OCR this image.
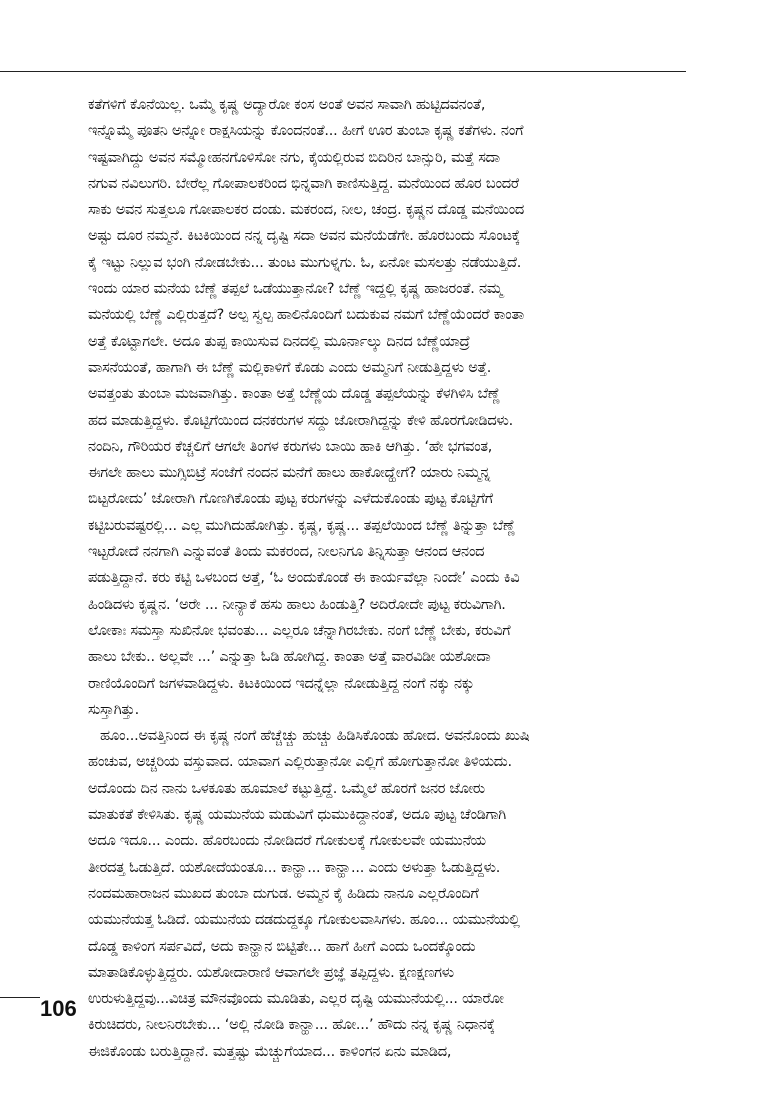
ಕತೆಗಳಿಗೆ ಕೊನೆಯಿಲ್ಲ. ಒಮ್ಮೆ ಕೃಷ್ಣ ಅದ್ಯಾರೋ ಕಂಸ ಅಂತೆ ಅವನ ಸಾವಾಗಿ ಹುಟ್ಟಿದವನಂತೆ,
ಇನ್ನೊಮ್ಮೆ ಪೂತನಿ ಅನ್ನೋ ರಾಕ್ಷಸಿಯನ್ನು ಕೊಂದನಂತೆ... ಹೀಗೆ ಊರ ತುಂಬಾ ಕೃಷ್ಣ ಕತೆಗಳು. ನಂಗೆ
ಇಷ್ಟವಾಗಿದ್ದು ಅವನ ಸಮ್ಮೋಹನಗೊಳಿಸೋ ನಗು, ಕೈಯಲ್ಲಿರುವ ಬಿದಿರಿನ ಬಾನ್ಸುರಿ, ಮತ್ತೆ ಸದಾ
ನಗುವ ನವಿಲುಗರಿ. ಬೇರೆಲ್ಲ ಗೋಪಾಲಕರಿಂದ ಭಿನ್ನವಾಗಿ ಕಾಣಿಸುತ್ತಿದ್ದ. ಮನೆಯಿಂದ ಹೊರ ಬಂದರೆ
ಸಾಕು ಅವನ ಸುತ್ತಲೂ ಗೋಪಾಲಕರ ದಂಡು. ಮಕರಂದ, ನೀಲ, ಚಂದ್ರ. ಕೃಷ್ಣನ ದೊಡ್ಡ ಮನೆಯಿಂದ
ಅಷ್ಟು ದೂರ ನಮ್ಮನೆ. ಕಿಟಕಿಯಿಂದ ನನ್ನ ದೃಷ್ಟಿ ಸದಾ ಅವನ ಮನೆಯೆಡೆಗೇ. ಹೊರಬಂದು ಸೊಂಟಕ್ಕೆ
ಕೈ ಇಟ್ಟು ನಿಲ್ಲುವ ಭಂಗಿ ನೋಡಬೇಕು... ತುಂಟ ಮುಗುಳ್ನಗು. ಓ, ಏನೋ ಮಸಲತ್ತು ನಡೆಯುತ್ತಿದೆ.
ಇಂದು ಯಾರ ಮನೆಯ ಬೆಣ್ಣೆ ತಪ್ಪಲೆ ಒಡೆಯುತ್ತಾನೋ? ಬೆಣ್ಣೆ ಇದ್ದಲ್ಲಿ ಕೃಷ್ಣ ಹಾಜರಂತೆ. ನಮ್ಮ
ಮನೆಯಲ್ಲಿ ಬೆಣ್ಣೆ ಎಲ್ಲಿರುತ್ತದೆ? ಅಲ್ಪ ಸ್ವಲ್ಪ ಹಾಲಿನೊಂದಿಗೆ ಬದುಕುವ ನಮಗೆ ಬೆಣ್ಣೆಯೆಂದರೆ ಕಾಂತಾ
ಅತ್ತೆ ಕೊಟ್ಟಾಗಲೇ. ಅದೂ ತುಪ್ಪ ಕಾಯಿಸುವ ದಿನದಲ್ಲಿ ಮೂರ್ನಾಲ್ಕು ದಿನದ ಬೆಣ್ಣೆಯಾದ್ರೆ
ವಾಸನೆಯಂತೆ, ಹಾಗಾಗಿ ಈ ಬೆಣ್ಣೆ ಮಲ್ಲಿಕಾಳಿಗೆ ಕೊಡು ಎಂದು ಅಮ್ಮನಿಗೆ ನೀಡುತ್ತಿದ್ದಳು ಅತ್ತೆ.
ಅವತ್ತಂತು ತುಂಬಾ ಮಜವಾಗಿತ್ತು. ಕಾಂತಾ ಅತ್ತೆ ಬೆಣ್ಣೆಯ ದೊಡ್ಡ ತಪ್ಪಲೆಯನ್ನು ಕೆಳಗಿಳಿಸಿ ಬೆಣ್ಣೆ
ಹದ ಮಾಡುತ್ತಿದ್ದಳು. ಕೊಟ್ಟಿಗೆಯಿಂದ ದನಕರುಗಳ ಸದ್ದು ಜೋರಾಗಿದ್ದನ್ನು ಕೇಳಿ ಹೊರಗೋಡಿದಳು.
ನಂದಿನಿ, ಗೌರಿಯರ ಕೆಚ್ಚಲಿಗೆ ಆಗಲೇ ತಿಂಗಳ ಕರುಗಳು ಬಾಯಿ ಹಾಕಿ ಆಗಿತ್ತು. ‘ಹೇ ಭಗವಂತ,
ಈಗಲೇ ಹಾಲು ಮುಗ್ಸಿಬಿಟ್ರೆ ಸಂಜೆಗೆ ನಂದನ ಮನೆಗೆ ಹಾಲು ಹಾಕೋದ್ಹೇಗೆ? ಯಾರು ನಿಮ್ಮನ್ನ
ಬಿಟ್ಟರೋದು’ ಜೋರಾಗಿ ಗೊಣಗಿಕೊಂಡು ಪುಟ್ಟ ಕರುಗಳನ್ನು ಎಳೆದುಕೊಂಡು ಪುಟ್ಟ ಕೊಟ್ಟಿಗೆಗೆ
ಕಟ್ಟಿಬರುವಷ್ಟರಲ್ಲಿ... ಎಲ್ಲ ಮುಗಿದುಹೋಗಿತ್ತು. ಕೃಷ್ಣ, ಕೃಷ್ಣ... ತಪ್ಪಲೆಯಿಂದ ಬೆಣ್ಣೆ ತಿನ್ನುತ್ತಾ ಬೆಣ್ಣೆ
ಇಟ್ಟರೋದೆ ನನಗಾಗಿ ಎನ್ನುವಂತೆ ತಿಂದು ಮಕರಂದ, ನೀಲನಿಗೂ ತಿನ್ನಿಸುತ್ತಾ ಆನಂದ ಆನಂದ
ಪಡುತ್ತಿದ್ದಾನೆ. ಕರು ಕಟ್ಟಿ ಒಳಬಂದ ಅತ್ತೆ, ‘ಓ ಅಂದುಕೊಂಡೆ ಈ ಕಾರ್ಯವೆಲ್ಲಾ ನಿಂದೇ’ ಎಂದು ಕಿವಿ
ಹಿಂಡಿದಳು ಕೃಷ್ಣನ. ‘ಅರೇ ... ನೀನ್ಯಾಕೆ ಹಸು ಹಾಲು ಹಿಂಡುತ್ತಿ? ಅದಿರೋದೇ ಪುಟ್ಟ ಕರುವಿಗಾಗಿ.
ಲೋಕಾಃ ಸಮಸ್ತಾ ಸುಖಿನೋ ಭವಂತು... ಎಲ್ಲರೂ ಚೆನ್ನಾಗಿರಬೇಕು. ನಂಗೆ ಬೆಣ್ಣೆ ಬೇಕು, ಕರುವಿಗೆ
ಹಾಲು ಬೇಕು.. ಅಲ್ಲವೇ ...’ ಎನ್ನುತ್ತಾ ಓಡಿ ಹೋಗಿದ್ದ. ಕಾಂತಾ ಅತ್ತೆ ವಾರವಿಡೀ ಯಶೋದಾ
ರಾಣಿಯೊಂದಿಗೆ ಜಗಳವಾಡಿದ್ದಳು. ಕಿಟಕಿಯಿಂದ ಇದನ್ನೆಲ್ಲಾ ನೋಡುತ್ತಿದ್ದ ನಂಗೆ ನಕ್ಕು ನಕ್ಕು
ಸುಸ್ತಾಗಿತ್ತು.
ಹೂಂ...ಅವತ್ತಿನಿಂದ ಈ ಕೃಷ್ಣ ನಂಗೆ ಹೆಚ್ಚೆಚ್ಚು ಹುಚ್ಚು ಹಿಡಿಸಿಕೊಂಡು ಹೋದ. ಅವನೊಂದು ಖುಷಿ
ಹಂಚುವ, ಅಚ್ಚರಿಯ ವಸ್ತುವಾದ. ಯಾವಾಗ ಎಲ್ಲಿರುತ್ತಾನೋ ಎಲ್ಲಿಗೆ ಹೋಗುತ್ತಾನೋ ತಿಳಿಯದು.
ಅದೊಂದು ದಿನ ನಾನು ಒಳಕೂತು ಹೂಮಾಲೆ ಕಟ್ಟುತ್ತಿದ್ದೆ. ಒಮ್ಮೆಲೆ ಹೊರಗೆ ಜನರ ಜೋರು
ಮಾತುಕತೆ ಕೇಳಿಸಿತು. ಕೃಷ್ಣ ಯಮುನೆಯ ಮಡುವಿಗೆ ಧುಮುಕಿದ್ದಾನಂತೆ, ಅದೂ ಪುಟ್ಟ ಚೆಂಡಿಗಾಗಿ
ಅದೂ ಇದೂ... ಎಂದು. ಹೊರಬಂದು ನೋಡಿದರೆ ಗೋಕುಲಕ್ಕೆ ಗೋಕುಲವೇ ಯಮುನೆಯ
ತೀರದತ್ತ ಓಡುತ್ತಿದೆ. ಯಶೋದೆಯಂತೂ... ಕಾನ್ಹಾ... ಕಾನ್ಹಾ... ಎಂದು ಅಳುತ್ತಾ ಓಡುತ್ತಿದ್ದಳು.
ನಂದಮಹಾರಾಜನ ಮುಖದ ತುಂಬಾ ದುಗುಡ. ಅಮ್ಮನ ಕೈ ಹಿಡಿದು ನಾನೂ ಎಲ್ಲರೊಂದಿಗೆ
ಯಮುನೆಯತ್ತ ಓಡಿದೆ. ಯಮುನೆಯ ದಡದುದ್ದಕ್ಕೂ ಗೋಕುಲವಾಸಿಗಳು. ಹೂಂ... ಯಮುನೆಯಲ್ಲಿ
ದೊಡ್ಡ ಕಾಳಿಂಗ ಸರ್ಪವಿದೆ, ಅದು ಕಾನ್ಹಾನ ಬಿಟ್ಟಿತೇ... ಹಾಗೆ ಹೀಗೆ ಎಂದು ಒಂದಕ್ಕೊಂದು
ಮಾತಾಡಿಕೊಳ್ಳುತ್ತಿದ್ದರು. ಯಶೋದಾರಾಣಿ ಆವಾಗಲೇ ಪ್ರಜ್ಞೆ ತಪ್ಪಿದ್ದಳು. ಕ್ಷಣಕ್ಷಣಗಳು
ಉರುಳುತ್ತಿದ್ದವು...ವಿಚಿತ್ರ ಮೌನವೊಂದು ಮೂಡಿತು, ಎಲ್ಲರ ದೃಷ್ಟಿ ಯಮುನೆಯಲ್ಲಿ... ಯಾರೋ
ಕಿರುಚಿದರು, ನೀಲನಿರಬೇಕು... ‘ಅಲ್ಲಿ ನೋಡಿ ಕಾನ್ಹಾ... ಹೋ...’ ಹೌದು ನನ್ನ ಕೃಷ್ಣ ನಿಧಾನಕ್ಕೆ
ಈಜಿಕೊಂಡು ಬರುತ್ತಿದ್ದಾನೆ. ಮತ್ತಷ್ಟು ಮೆಚ್ಚುಗೆಯಾದ... ಕಾಳಿಂಗನ ಏನು ಮಾಡಿದ,
106
